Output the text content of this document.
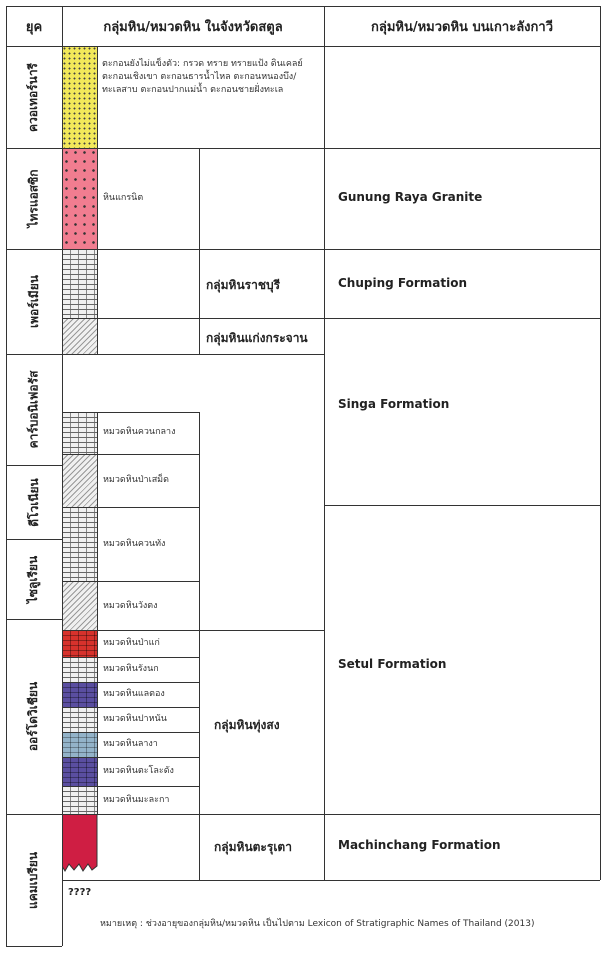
ยุค	กลุ่มหิน/หมวดหิน ในจังหวัดสตูล	กลุ่มหิน/หมวดหิน บนเกาะลังกาวี
ควอเทอร์นารี
ไทรแอสซิก
เพอร์เมียน
คาร์บอนิเฟอรัส
ดีโวเนียน
ไซลูเรียน
ออร์โดวิเชียน
แคมเบรียน
ตะกอนยังไม่แข็งตัว: กรวด ทราย ทรายแป้ง ดินเคลย์ ตะกอนเชิงเขา ตะกอนธารน้ำไหล ตะกอนหนองบึง/ทะเลสาบ ตะกอนปากแม่น้ำ ตะกอนชายฝั่งทะเล
หินแกรนิต
หมวดหินควนกลาง
หมวดหินป่าเสม็ด
หมวดหินควนทัง
หมวดหินวังตง
หมวดหินป่าแก่
หมวดหินรังนก
หมวดหินแลตอง
หมวดหินปาหนัน
หมวดหินลางา
หมวดหินตะโละดัง
หมวดหินมะละกา
กลุ่มหินราชบุรี
กลุ่มหินแก่งกระจาน
กลุ่มหินทุ่งสง
กลุ่มหินตะรุเตา
Gunung Raya Granite
Chuping Formation
Singa Formation
Setul Formation
Machinchang Formation
????
หมายเหตุ : ช่วงอายุของกลุ่มหิน/หมวดหิน เป็นไปตาม Lexicon of Stratigraphic Names of Thailand (2013)
